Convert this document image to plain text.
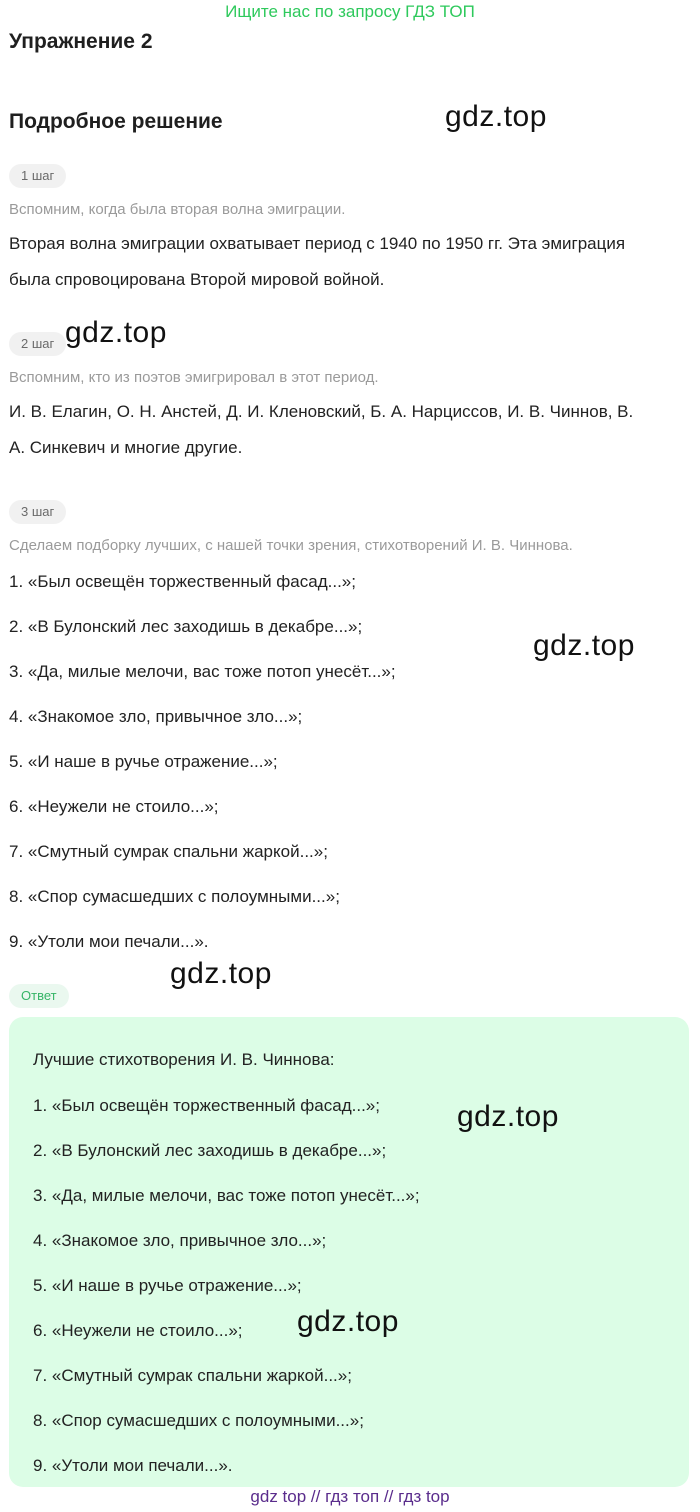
Ищите нас по запросу ГДЗ ТОП
Упражнение 2
Подробное решение
1 шаг
Вспомним, когда была вторая волна эмиграции.
Вторая волна эмиграции охватывает период с 1940 по 1950 гг. Эта эмиграция была спровоцирована Второй мировой войной.
2 шаг
Вспомним, кто из поэтов эмигрировал в этот период.
И. В. Елагин, О. Н. Анстей, Д. И. Кленовский, Б. А. Нарциссов, И. В. Чиннов, В. А. Синкевич и многие другие.
3 шаг
Сделаем подборку лучших, с нашей точки зрения, стихотворений И. В. Чиннова.
1. «Был освещён торжественный фасад...»;
2. «В Булонский лес заходишь в декабре...»;
3. «Да, милые мелочи, вас тоже потоп унесёт...»;
4. «Знакомое зло, привычное зло...»;
5. «И наше в ручье отражение...»;
6. «Неужели не стоило...»;
7. «Смутный сумрак спальни жаркой...»;
8. «Спор сумасшедших с полоумными...»;
9. «Утоли мои печали...».
Ответ
Лучшие стихотворения И. В. Чиннова:
1. «Был освещён торжественный фасад...»;
2. «В Булонский лес заходишь в декабре...»;
3. «Да, милые мелочи, вас тоже потоп унесёт...»;
4. «Знакомое зло, привычное зло...»;
5. «И наше в ручье отражение...»;
6. «Неужели не стоило...»;
7. «Смутный сумрак спальни жаркой...»;
8. «Спор сумасшедших с полоумными...»;
9. «Утоли мои печали...».
gdz.top
gdz.top
gdz.top
gdz.top
gdz.top
gdz.top
gdz top // гдз топ // гдз top
